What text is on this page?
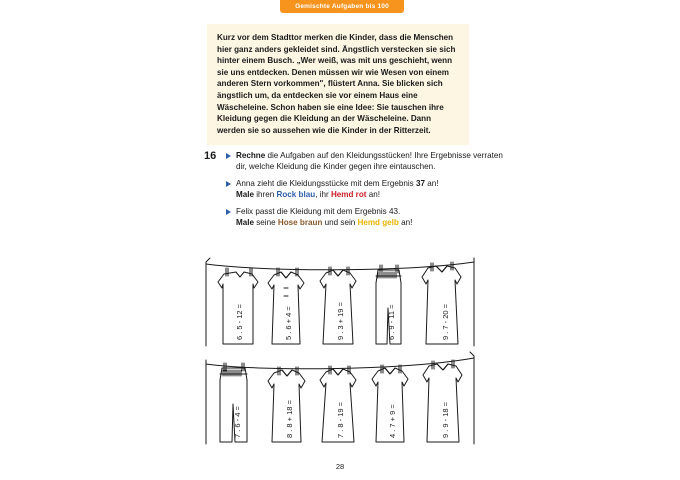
Gemischte Aufgaben bis 100

Kurz vor dem Stadttor merken die Kinder, dass die Menschen hier ganz anders gekleidet sind. Ängstlich verstecken sie sich hinter einem Busch. „Wer weiß, was mit uns geschieht, wenn sie uns entdecken. Denen müssen wir wie Wesen von einem anderen Stern vorkommen", flüstert Anna. Sie blicken sich ängstlich um, da entdecken sie vor einem Haus eine Wäscheleine. Schon haben sie eine Idee: Sie tauschen ihre Kleidung gegen die Kleidung an der Wäscheleine. Dann werden sie so aussehen wie die Kinder in der Ritterzeit.

16 Rechne die Aufgaben auf den Kleidungsstücken! Ihre Ergebnisse verraten dir, welche Kleidung die Kinder gegen ihre eintauschen.
Anna zieht die Kleidungsstücke mit dem Ergebnis 37 an!
Male ihren Rock blau, ihr Hemd rot an!
Felix passt die Kleidung mit dem Ergebnis 43.
Male seine Hose braun und sein Hemd gelb an!
6 . 5 - 12 =	5 . 6 + 4 =	9 . 3 + 19 =	6 . 9 - 11 =	9 . 7 - 20 =
7 . 6 - 4 =	8 . 8 + 18 =	7 . 8 - 19 =	4 . 7 + 9 =	9 . 9 - 18 =
28
